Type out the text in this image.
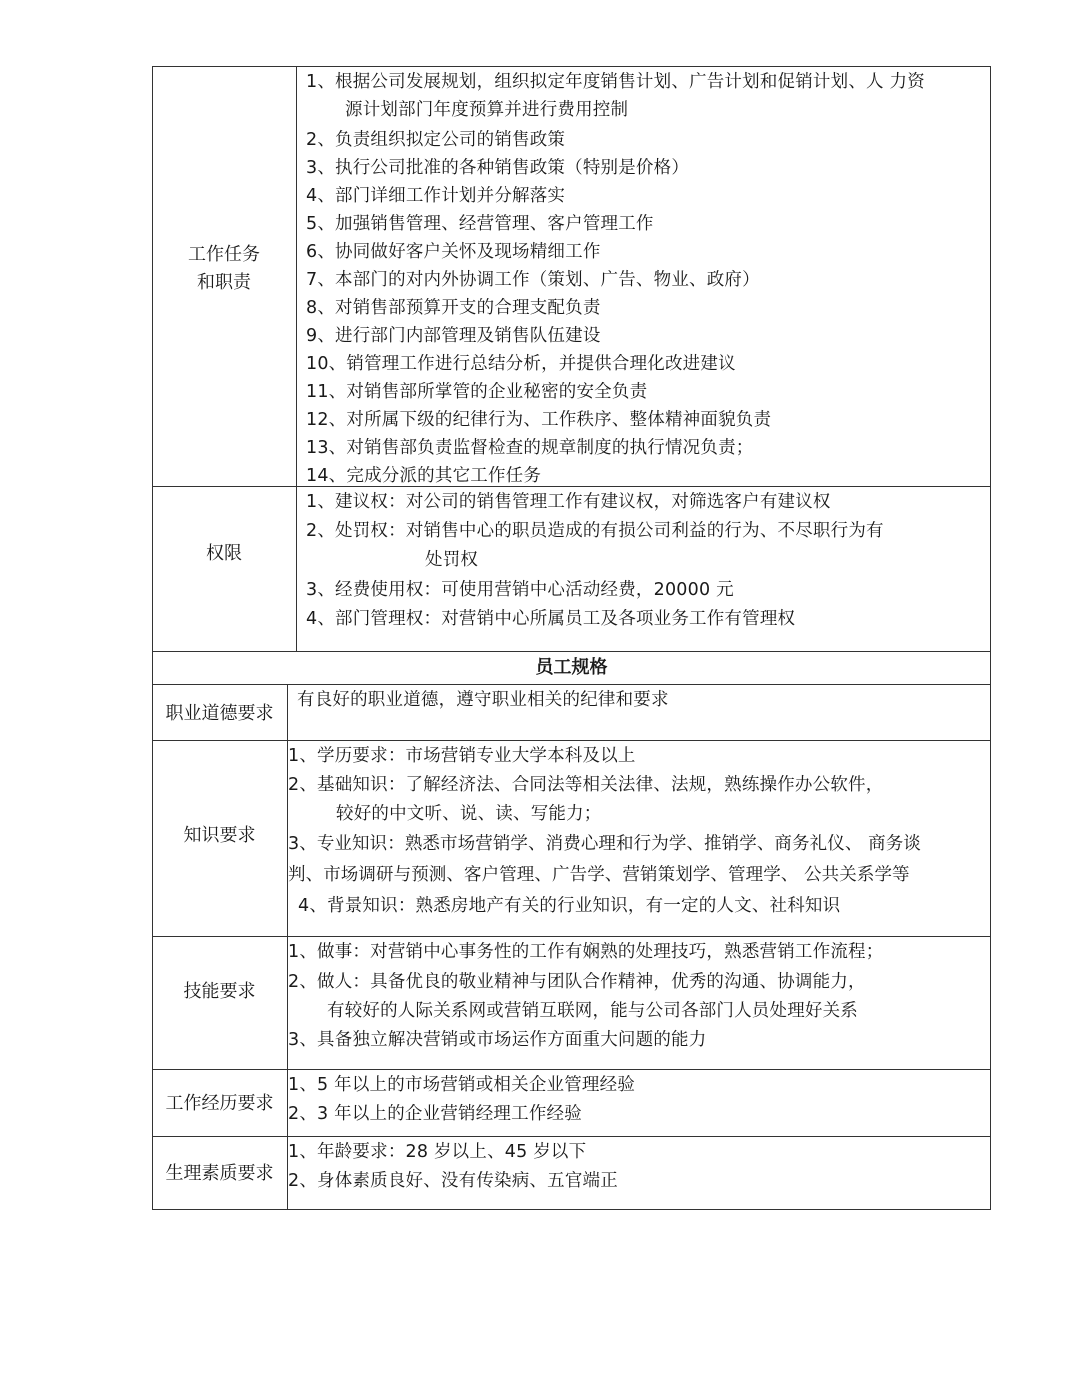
工作任务
和职责
1、根据公司发展规划，组织拟定年度销售计划、广告计划和促销计划、人 力资
源计划部门年度预算并进行费用控制
2、负责组织拟定公司的销售政策
3、执行公司批准的各种销售政策（特别是价格）
4、部门详细工作计划并分解落实
5、加强销售管理、经营管理、客户管理工作
6、协同做好客户关怀及现场精细工作
7、本部门的对内外协调工作（策划、广告、物业、政府）
8、对销售部预算开支的合理支配负责
9、进行部门内部管理及销售队伍建设
10、销管理工作进行总结分析，并提供合理化改进建议
11、对销售部所掌管的企业秘密的安全负责
12、对所属下级的纪律行为、工作秩序、整体精神面貌负责
13、对销售部负责监督检查的规章制度的执行情况负责；
14、完成分派的其它工作任务
权限
1、建议权：对公司的销售管理工作有建议权，对筛选客户有建议权
2、处罚权：对销售中心的职员造成的有损公司利益的行为、不尽职行为有
处罚权
3、经费使用权：可使用营销中心活动经费，20000 元
4、部门管理权：对营销中心所属员工及各项业务工作有管理权
员工规格
职业道德要求
有良好的职业道德，遵守职业相关的纪律和要求
知识要求
1、学历要求：市场营销专业大学本科及以上
2、基础知识：了解经济法、合同法等相关法律、法规，熟练操作办公软件，
较好的中文听、说、读、写能力；
3、专业知识：熟悉市场营销学、消费心理和行为学、推销学、商务礼仪、 商务谈
判、市场调研与预测、客户管理、广告学、营销策划学、管理学、 公共关系学等
4、背景知识：熟悉房地产有关的行业知识，有一定的人文、社科知识
技能要求
1、做事：对营销中心事务性的工作有娴熟的处理技巧，熟悉营销工作流程；
2、做人：具备优良的敬业精神与团队合作精神，优秀的沟通、协调能力，
有较好的人际关系网或营销互联网，能与公司各部门人员处理好关系
3、具备独立解决营销或市场运作方面重大问题的能力
工作经历要求
1、5 年以上的市场营销或相关企业管理经验
2、3 年以上的企业营销经理工作经验
生理素质要求
1、年龄要求：28 岁以上、45 岁以下
2、身体素质良好、没有传染病、五官端正
